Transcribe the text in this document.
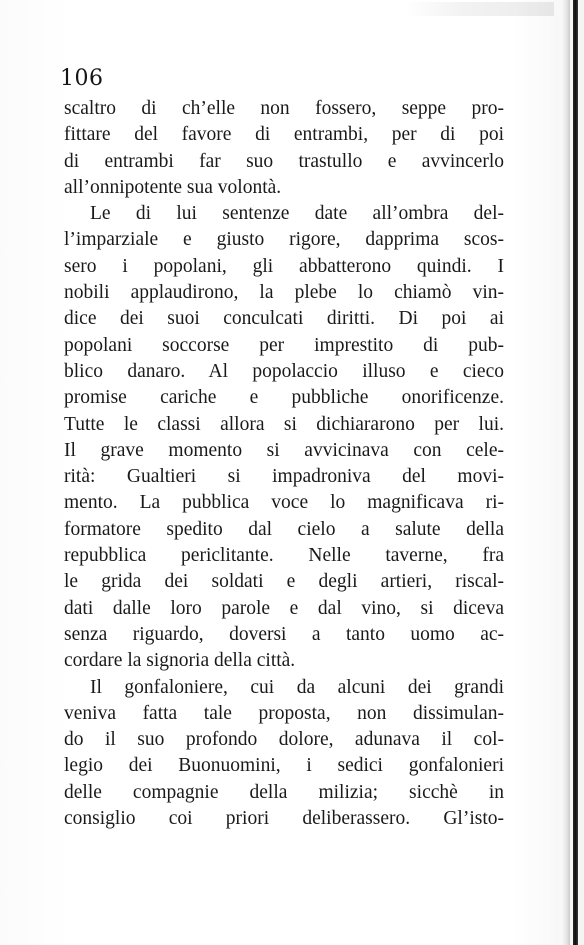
106
scaltro di ch’elle non fossero, seppe pro-
fittare del favore di entrambi, per di poi
di entrambi far suo trastullo e avvincerlo
all’onnipotente sua volontà.
Le di lui sentenze date all’ombra del-
l’imparziale e giusto rigore, dapprima scos-
sero i popolani, gli abbatterono quindi. I
nobili applaudirono, la plebe lo chiamò vin-
dice dei suoi conculcati diritti. Di poi ai
popolani soccorse per imprestito di pub-
blico danaro. Al popolaccio illuso e cieco
promise cariche e pubbliche onorificenze.
Tutte le classi allora si dichiararono per lui.
Il grave momento si avvicinava con cele-
rità: Gualtieri si impadroniva del movi-
mento. La pubblica voce lo magnificava ri-
formatore spedito dal cielo a salute della
repubblica periclitante. Nelle taverne, fra
le grida dei soldati e degli artieri, riscal-
dati dalle loro parole e dal vino, si diceva
senza riguardo, doversi a tanto uomo ac-
cordare la signoria della città.
Il gonfaloniere, cui da alcuni dei grandi
veniva fatta tale proposta, non dissimulan-
do il suo profondo dolore, adunava il col-
legio dei Buonuomini, i sedici gonfalonieri
delle compagnie della milizia; sicchè in
consiglio coi priori deliberassero. Gl’isto-
